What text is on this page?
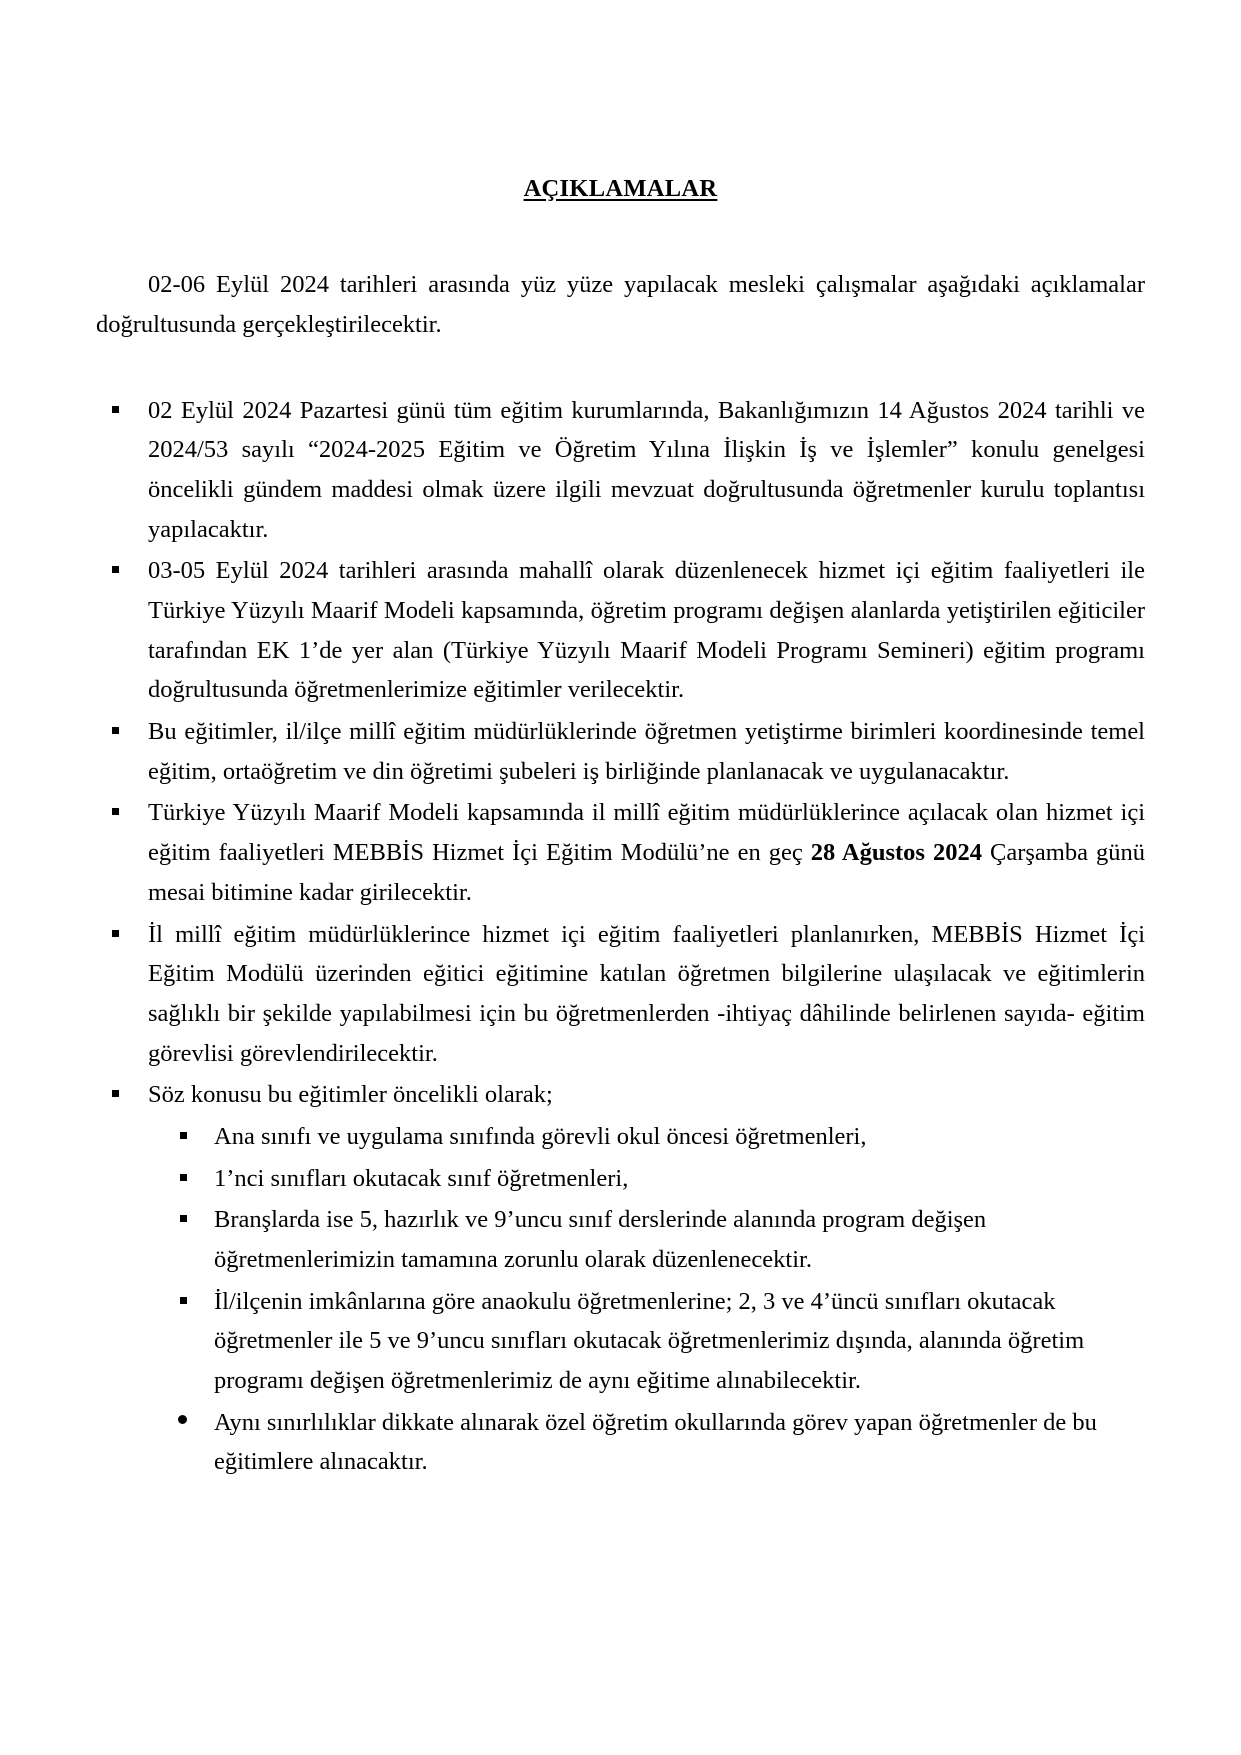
AÇIKLAMALAR

02-06 Eylül 2024 tarihleri arasında yüz yüze yapılacak mesleki çalışmalar aşağıdaki açıklamalar doğrultusunda gerçekleştirilecektir.

02 Eylül 2024 Pazartesi günü tüm eğitim kurumlarında, Bakanlığımızın 14 Ağustos 2024 tarihli ve 2024/53 sayılı “2024-2025 Eğitim ve Öğretim Yılına İlişkin İş ve İşlemler” konulu genelgesi öncelikli gündem maddesi olmak üzere ilgili mevzuat doğrultusunda öğretmenler kurulu toplantısı yapılacaktır.
03-05 Eylül 2024 tarihleri arasında mahallî olarak düzenlenecek hizmet içi eğitim faaliyetleri ile Türkiye Yüzyılı Maarif Modeli kapsamında, öğretim programı değişen alanlarda yetiştirilen eğiticiler tarafından EK 1’de yer alan (Türkiye Yüzyılı Maarif Modeli Programı Semineri) eğitim programı doğrultusunda öğretmenlerimize eğitimler verilecektir.
Bu eğitimler, il/ilçe millî eğitim müdürlüklerinde öğretmen yetiştirme birimleri koordinesinde temel eğitim, ortaöğretim ve din öğretimi şubeleri iş birliğinde planlanacak ve uygulanacaktır.
Türkiye Yüzyılı Maarif Modeli kapsamında il millî eğitim müdürlüklerince açılacak olan hizmet içi eğitim faaliyetleri MEBBİS Hizmet İçi Eğitim Modülü’ne en geç 28 Ağustos 2024 Çarşamba günü mesai bitimine kadar girilecektir.
İl millî eğitim müdürlüklerince hizmet içi eğitim faaliyetleri planlanırken, MEBBİS Hizmet İçi Eğitim Modülü üzerinden eğitici eğitimine katılan öğretmen bilgilerine ulaşılacak ve eğitimlerin sağlıklı bir şekilde yapılabilmesi için bu öğretmenlerden -ihtiyaç dâhilinde belirlenen sayıda- eğitim görevlisi görevlendirilecektir.
Söz konusu bu eğitimler öncelikli olarak;
Ana sınıfı ve uygulama sınıfında görevli okul öncesi öğretmenleri,
1’nci sınıfları okutacak sınıf öğretmenleri,
Branşlarda ise 5, hazırlık ve 9’uncu sınıf derslerinde alanında program değişen öğretmenlerimizin tamamına zorunlu olarak düzenlenecektir.
İl/ilçenin imkânlarına göre anaokulu öğretmenlerine; 2, 3 ve 4’üncü sınıfları okutacak öğretmenler ile 5 ve 9’uncu sınıfları okutacak öğretmenlerimiz dışında, alanında öğretim programı değişen öğretmenlerimiz de aynı eğitime alınabilecektir.
Aynı sınırlılıklar dikkate alınarak özel öğretim okullarında görev yapan öğretmenler de bu eğitimlere alınacaktır.
